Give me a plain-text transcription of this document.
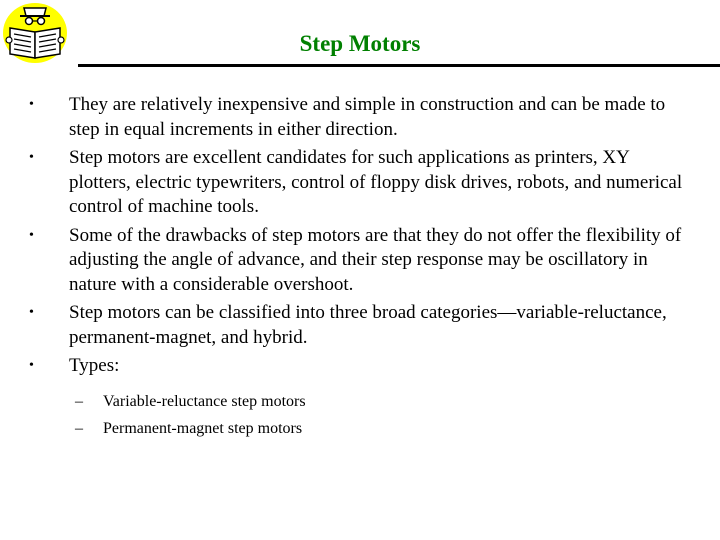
Step Motors
• They are relatively inexpensive and simple in construction and can be made to step in equal increments in either direction.
• Step motors are excellent candidates for such applications as printers, XY plotters, electric typewriters, control of floppy disk drives, robots, and numerical control of machine tools.
• Some of the drawbacks of step motors are that they do not offer the flexibility of adjusting the angle of advance, and their step response may be oscillatory in nature with a considerable overshoot.
• Step motors can be classified into three broad categories—variable-reluctance, permanent-magnet, and hybrid.
• Types:
– Variable-reluctance step motors
– Permanent-magnet step motors
